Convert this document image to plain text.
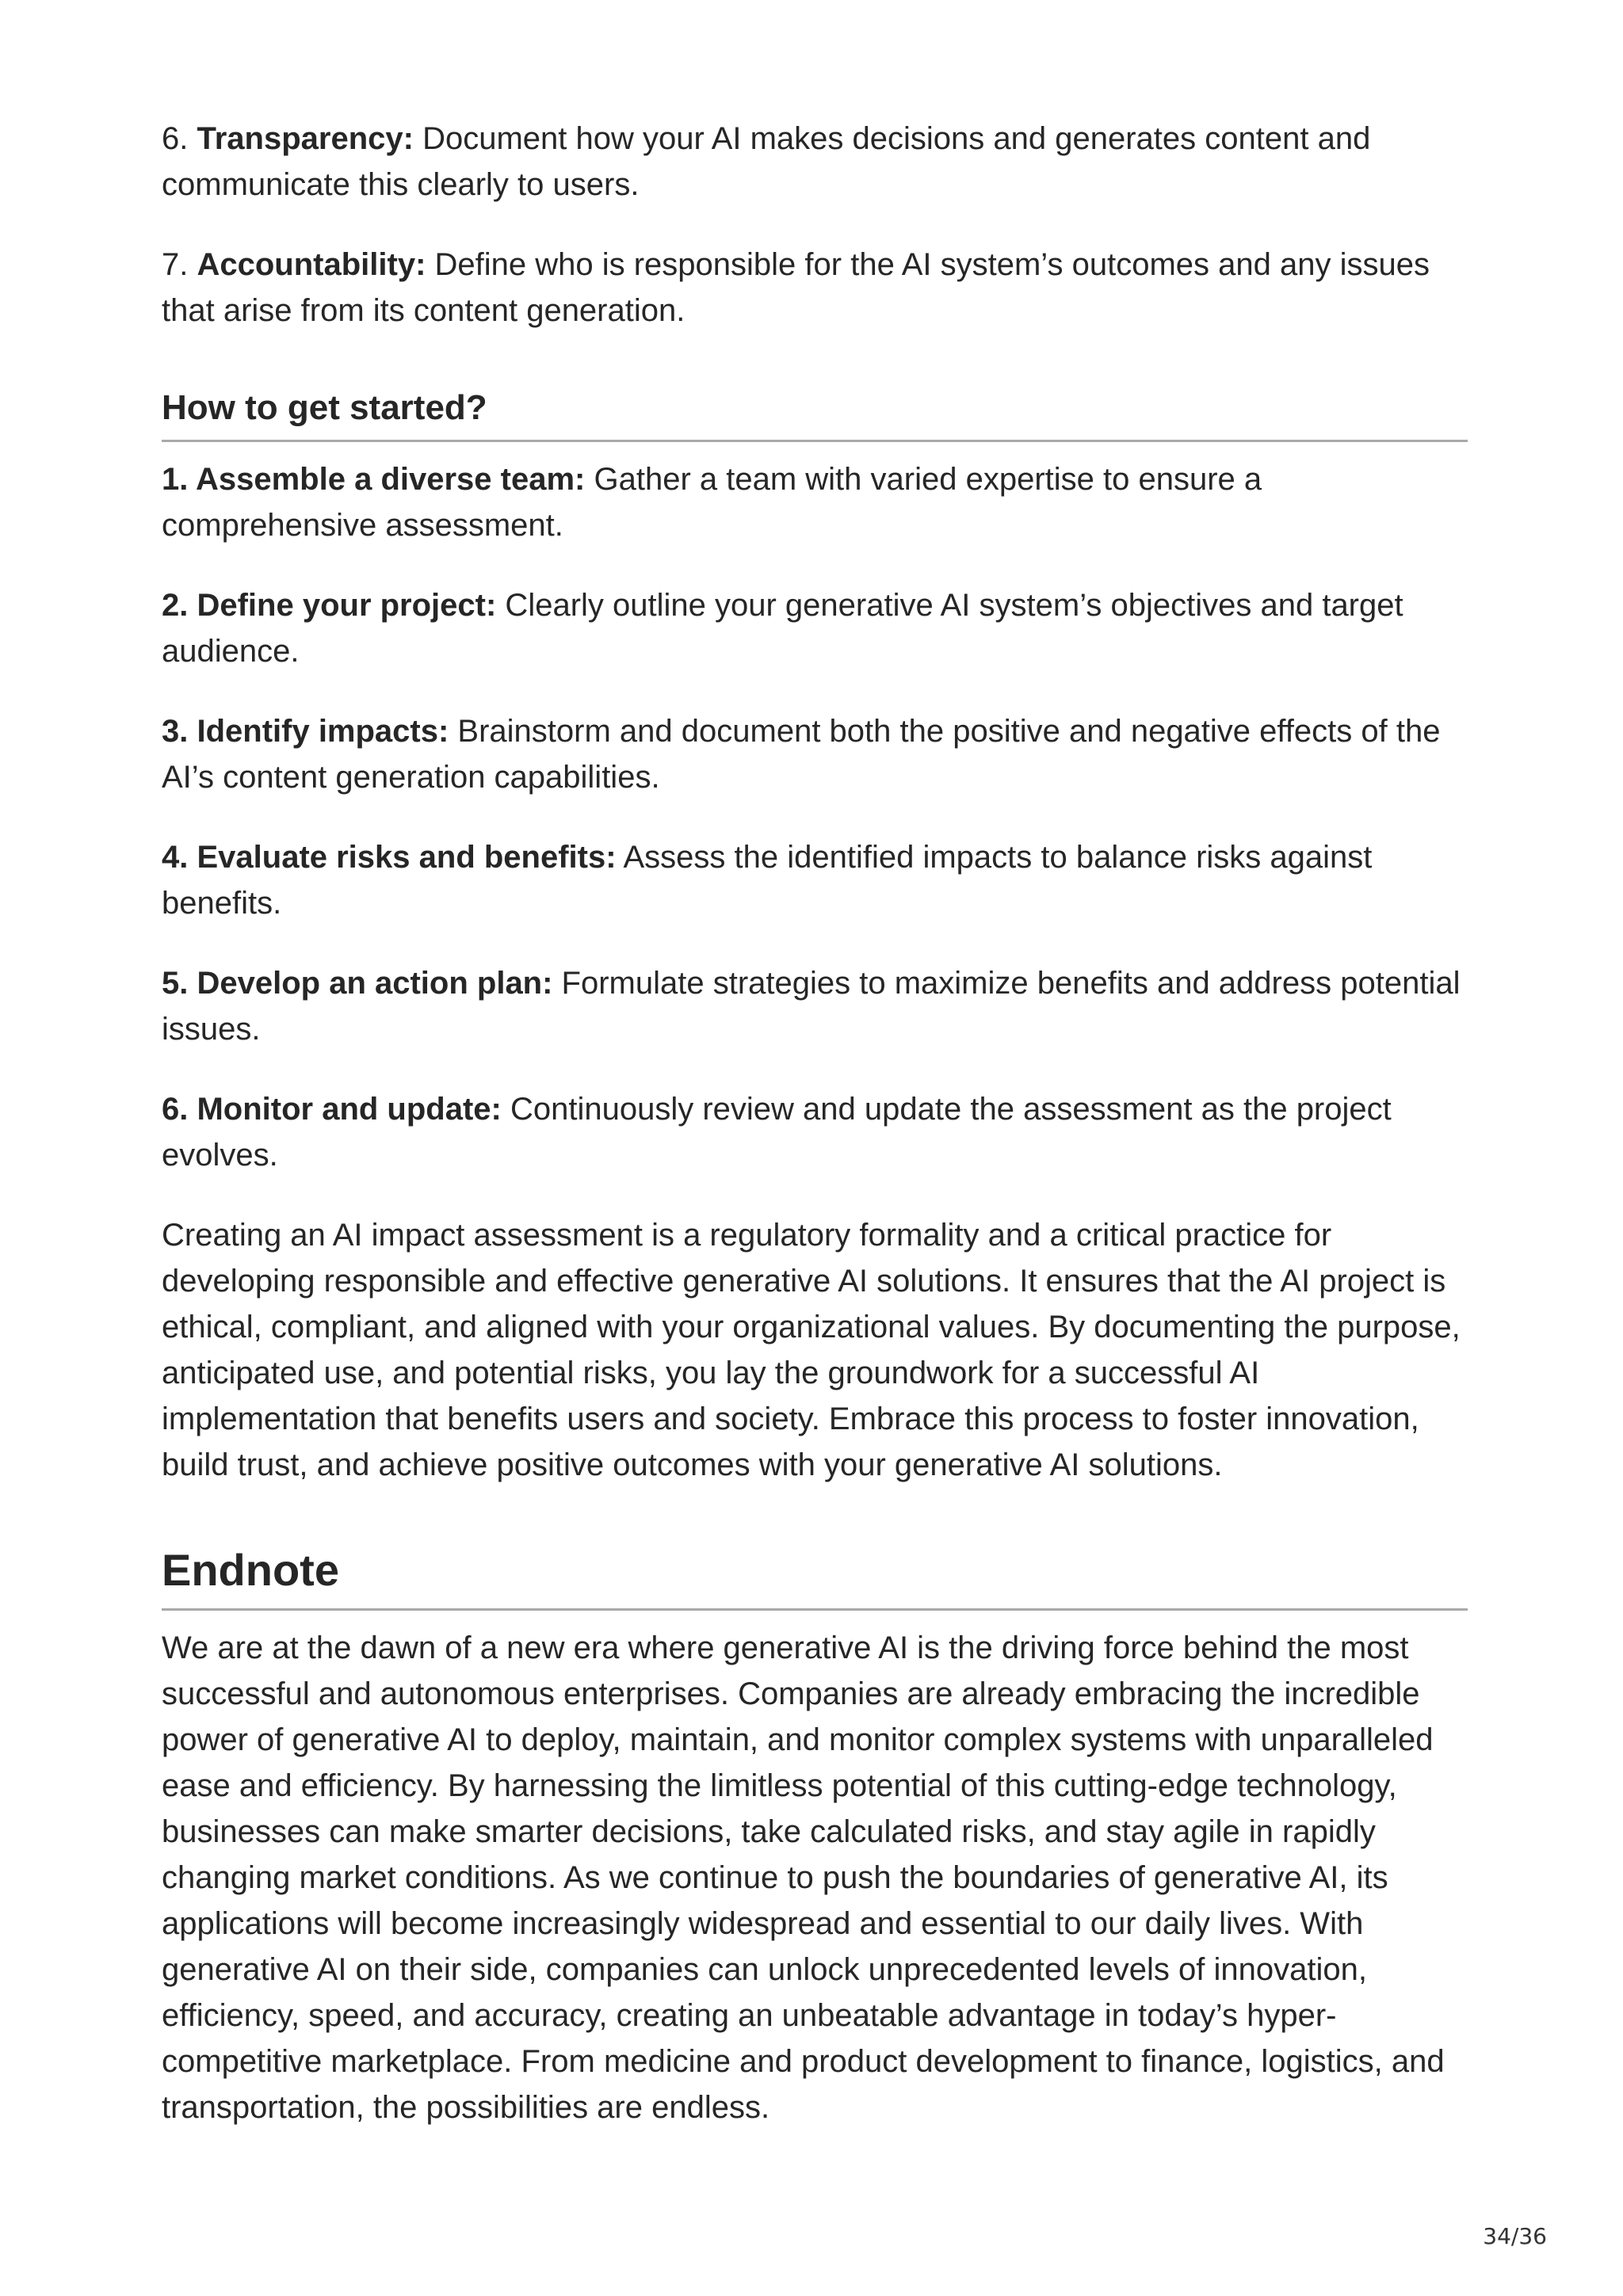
6. Transparency: Document how your AI makes decisions and generates content and communicate this clearly to users.

7. Accountability: Define who is responsible for the AI system’s outcomes and any issues that arise from its content generation.

How to get started?

1. Assemble a diverse team: Gather a team with varied expertise to ensure a comprehensive assessment.

2. Define your project: Clearly outline your generative AI system’s objectives and target audience.

3. Identify impacts: Brainstorm and document both the positive and negative effects of the AI’s content generation capabilities.

4. Evaluate risks and benefits: Assess the identified impacts to balance risks against benefits.

5. Develop an action plan: Formulate strategies to maximize benefits and address potential issues.

6. Monitor and update: Continuously review and update the assessment as the project evolves.

Creating an AI impact assessment is a regulatory formality and a critical practice for developing responsible and effective generative AI solutions. It ensures that the AI project is ethical, compliant, and aligned with your organizational values. By documenting the purpose, anticipated use, and potential risks, you lay the groundwork for a successful AI implementation that benefits users and society. Embrace this process to foster innovation, build trust, and achieve positive outcomes with your generative AI solutions.

Endnote

We are at the dawn of a new era where generative AI is the driving force behind the most successful and autonomous enterprises. Companies are already embracing the incredible power of generative AI to deploy, maintain, and monitor complex systems with unparalleled ease and efficiency. By harnessing the limitless potential of this cutting-edge technology, businesses can make smarter decisions, take calculated risks, and stay agile in rapidly changing market conditions. As we continue to push the boundaries of generative AI, its applications will become increasingly widespread and essential to our daily lives. With generative AI on their side, companies can unlock unprecedented levels of innovation, efficiency, speed, and accuracy, creating an unbeatable advantage in today’s hyper-competitive marketplace. From medicine and product development to finance, logistics, and transportation, the possibilities are endless.

34/36
